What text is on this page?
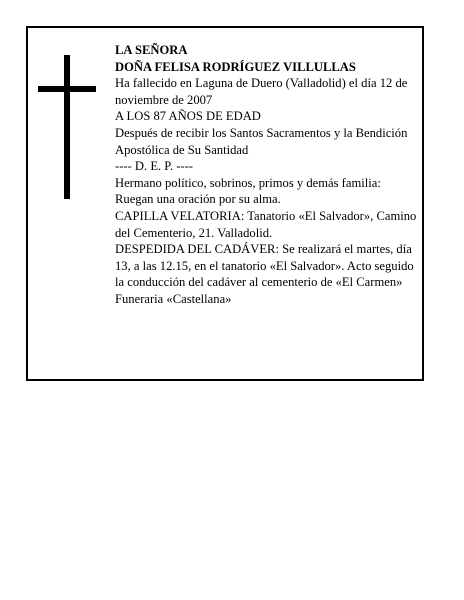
LA SEÑORA
DOÑA FELISA RODRÍGUEZ VILLULLAS
Ha fallecido en Laguna de Duero (Valladolid) el día 12 de noviembre de 2007
A LOS 87 AÑOS DE EDAD
Después de recibir los Santos Sacramentos y la Bendición Apostólica de Su Santidad
---- D. E. P. ----
Hermano político, sobrinos, primos y demás familia:
Ruegan una oración por su alma.
CAPILLA VELATORIA: Tanatorio «El Salvador», Camino del Cementerio, 21. Valladolid.
DESPEDIDA DEL CADÁVER: Se realizará el martes, día 13, a las 12.15, en el tanatorio «El Salvador». Acto seguido la conducción del cadáver al cementerio de «El Carmen»
Funeraria «Castellana»
